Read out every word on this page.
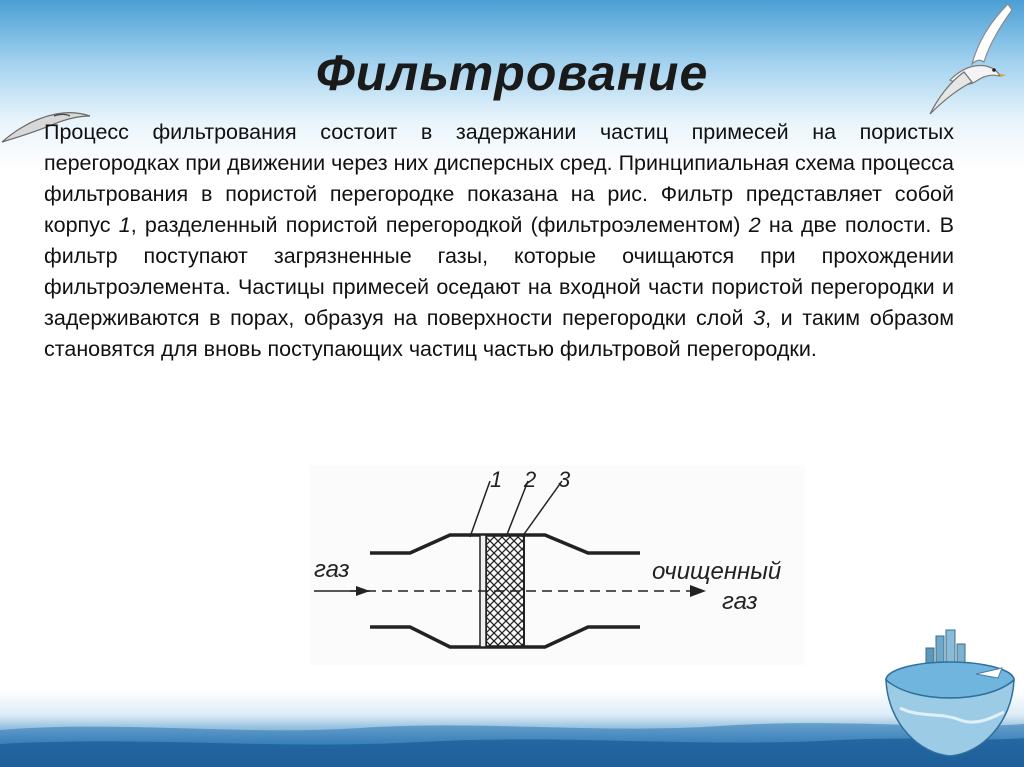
Фильтрование

Процесс фильтрования состоит в задержании частиц примесей на пористых перегородках при движении через них дисперсных сред. Принципиальная схема процесса фильтрования в пористой перегородке показана на рис. Фильтр представляет собой корпус 1, разделенный пористой перегородкой (фильтроэлементом) 2 на две полости. В фильтр поступают загрязненные газы, которые очищаются при прохождении фильтроэлемента. Частицы примесей оседают на входной части пористой перегородки и задерживаются в порах, образуя на поверхности перегородки слой 3, и таким образом становятся для вновь поступающих частиц частью фильтровой перегородки.

1 2 3
газ	очищенный
газ
